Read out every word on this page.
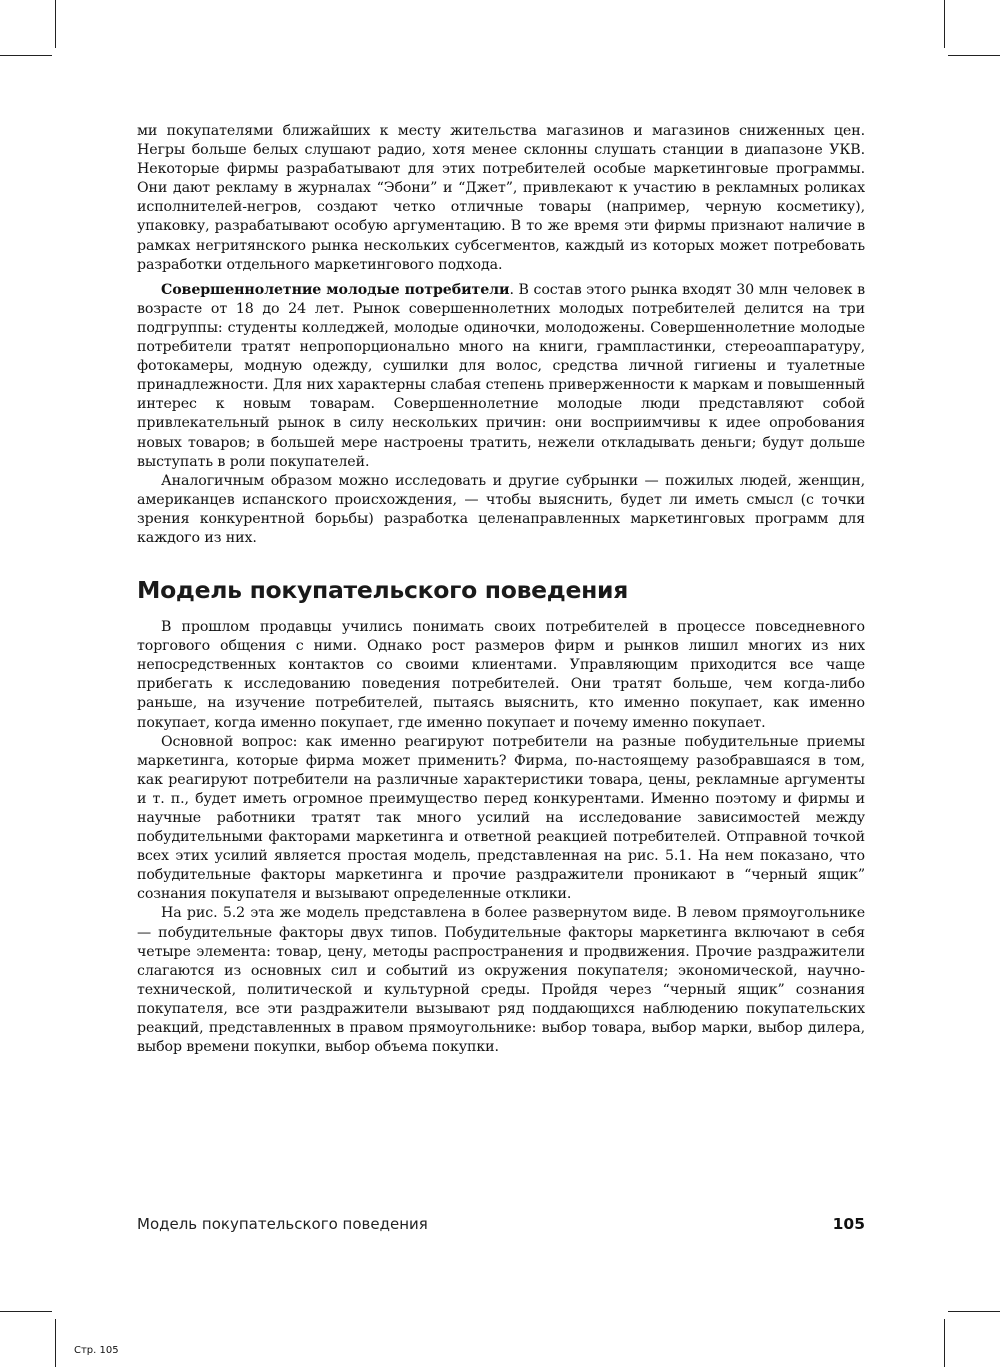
ми покупателями ближайших к месту жительства магазинов и магазинов сниженных цен. Негры больше белых слушают радио, хотя менее склонны слушать станции в диапазоне УКВ. Некоторые фирмы разрабатывают для этих потребителей особые маркетинговые программы. Они дают рекламу в журналах “Эбони” и “Джет”, привлекают к участию в рекламных роликах исполнителей-негров, создают четко отличные товары (например, черную косметику), упаковку, разрабатывают особую аргументацию. В то же время эти фирмы признают наличие в рамках негритянского рынка нескольких субсегментов, каждый из которых может потребовать разработки отдельного маркетингового подхода.

Совершеннолетние молодые потребители. В состав этого рынка входят 30 млн человек в возрасте от 18 до 24 лет. Рынок совершеннолетних молодых потребителей делится на три подгруппы: студенты колледжей, молодые одиночки, молодожены. Совершеннолетние молодые потребители тратят непропорционально много на книги, грампластинки, стереоаппаратуру, фотокамеры, модную одежду, сушилки для волос, средства личной гигиены и туалетные принадлежности. Для них характерны слабая степень приверженности к маркам и повышенный интерес к новым товарам. Совершеннолетние молодые люди представляют собой привлекательный рынок в силу нескольких причин: они восприимчивы к идее опробования новых товаров; в большей мере настроены тратить, нежели откладывать деньги; будут дольше выступать в роли покупателей.

Аналогичным образом можно исследовать и другие субрынки — пожилых людей, женщин, американцев испанского происхождения, — чтобы выяснить, будет ли иметь смысл (с точки зрения конкурентной борьбы) разработка целенаправленных маркетинговых программ для каждого из них.

Модель покупательского поведения

В прошлом продавцы учились понимать своих потребителей в процессе повседневного торгового общения с ними. Однако рост размеров фирм и рынков лишил многих из них непосредственных контактов со своими клиентами. Управляющим приходится все чаще прибегать к исследованию поведения потребителей. Они тратят больше, чем когда-либо раньше, на изучение потребителей, пытаясь выяснить, кто именно покупает, как именно покупает, когда именно покупает, где именно покупает и почему именно покупает.

Основной вопрос: как именно реагируют потребители на разные побудительные приемы маркетинга, которые фирма может применить? Фирма, по-настоящему разобравшаяся в том, как реагируют потребители на различные характеристики товара, цены, рекламные аргументы и т. п., будет иметь огромное преимущество перед конкурентами. Именно поэтому и фирмы и научные работники тратят так много усилий на исследование зависимостей между побудительными факторами маркетинга и ответной реакцией потребителей. Отправной точкой всех этих усилий является простая модель, представленная на рис. 5.1. На нем показано, что побудительные факторы маркетинга и прочие раздражители проникают в “черный ящик” сознания покупателя и вызывают определенные отклики.

На рис. 5.2 эта же модель представлена в более развернутом виде. В левом прямоугольнике — побудительные факторы двух типов. Побудительные факторы маркетинга включают в себя четыре элемента: товар, цену, методы распространения и продвижения. Прочие раздражители слагаются из основных сил и событий из окружения покупателя; экономической, научно-технической, политической и культурной среды. Пройдя через “черный ящик” сознания покупателя, все эти раздражители вызывают ряд поддающихся наблюдению покупательских реакций, представленных в правом прямоугольнике: выбор товара, выбор марки, выбор дилера, выбор времени покупки, выбор объема покупки.

Модель покупательского поведения	105
Стр. 105
